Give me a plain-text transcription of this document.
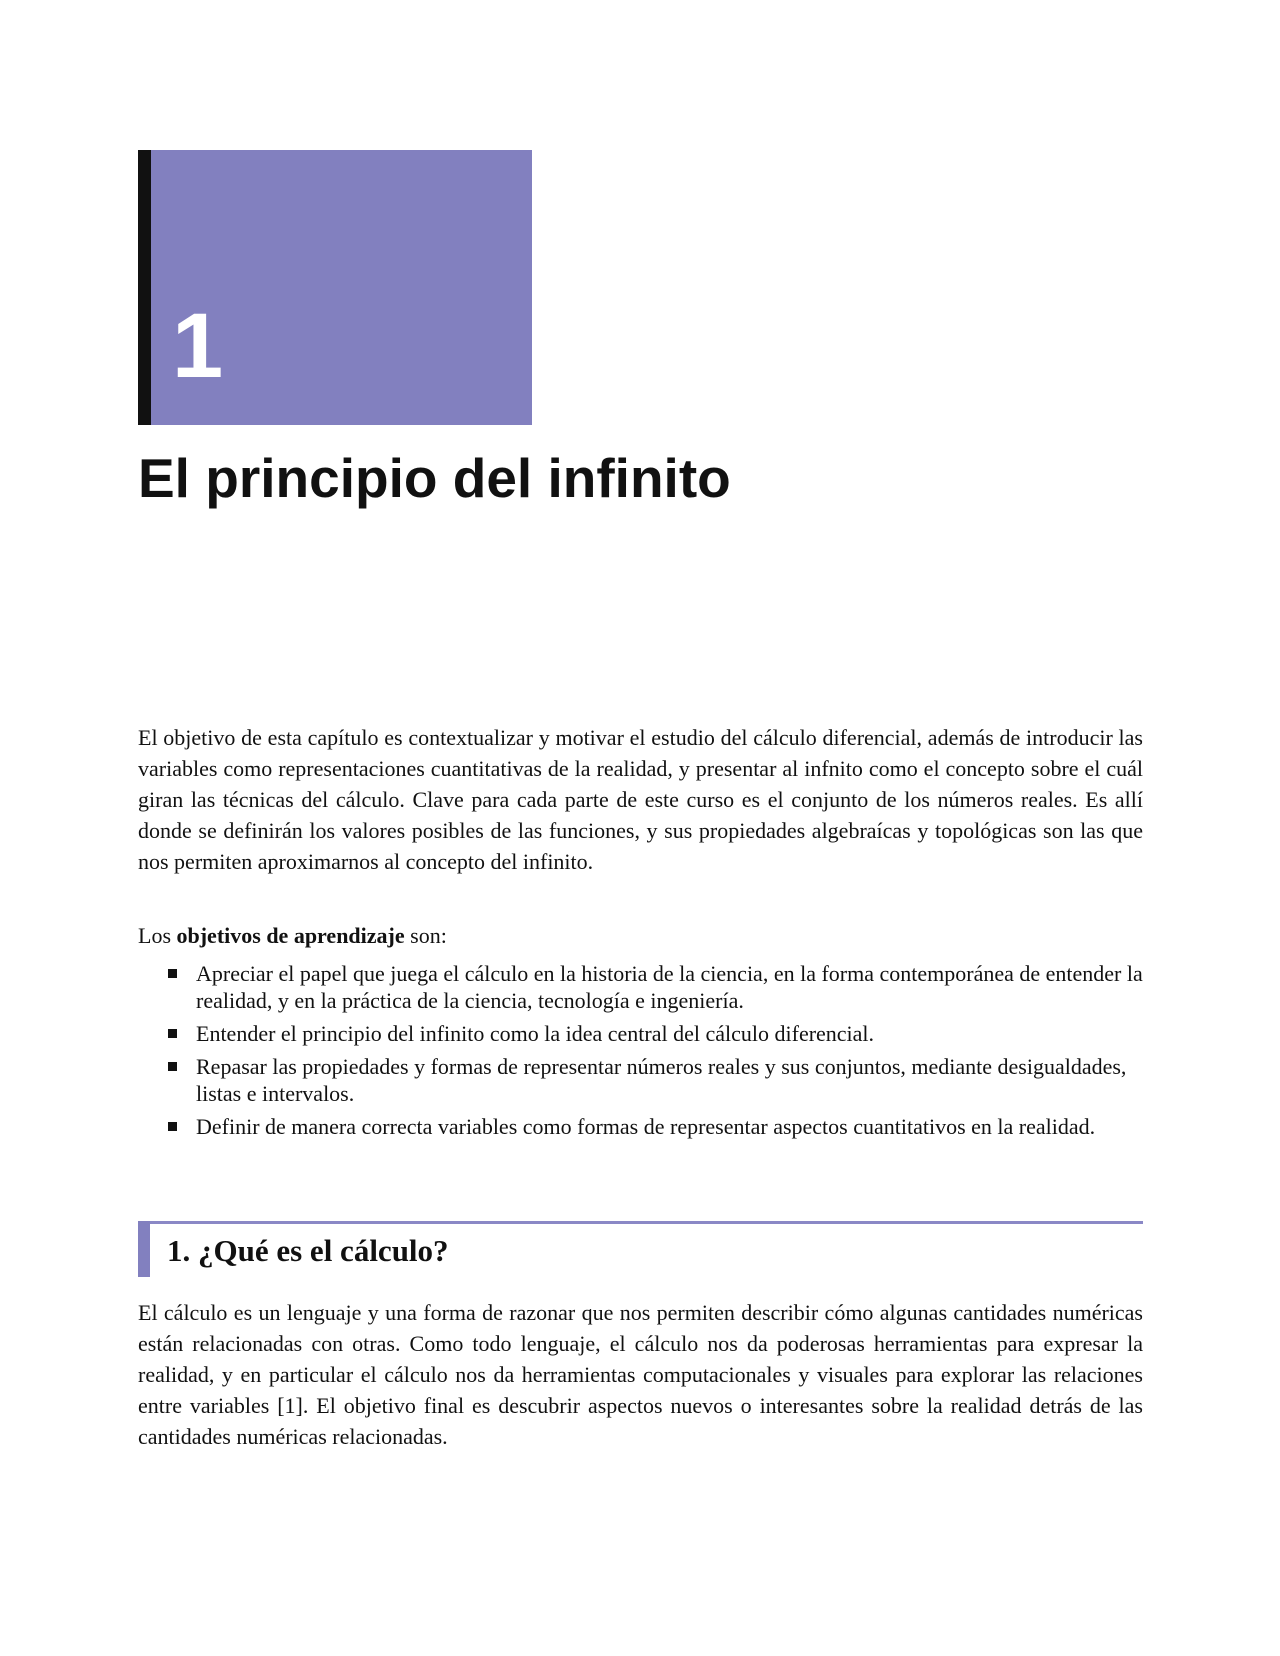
1
El principio del infinito

El objetivo de esta capítulo es contextualizar y motivar el estudio del cálculo diferencial, además de introducir las variables como representaciones cuantitativas de la realidad, y presentar al infnito como el concepto sobre el cuál giran las técnicas del cálculo. Clave para cada parte de este curso es el conjunto de los números reales. Es allí donde se definirán los valores posibles de las funciones, y sus propiedades algebraícas y topológicas son las que nos permiten aproximarnos al concepto del infinito.

Los objetivos de aprendizaje son:

Apreciar el papel que juega el cálculo en la historia de la ciencia, en la forma contemporánea de entender la realidad, y en la práctica de la ciencia, tecnología e ingeniería.
Entender el principio del infinito como la idea central del cálculo diferencial.
Repasar las propiedades y formas de representar números reales y sus conjuntos, mediante desigualdades, listas e intervalos.
Definir de manera correcta variables como formas de representar aspectos cuantitativos en la realidad.
1. ¿Qué es el cálculo?

El cálculo es un lenguaje y una forma de razonar que nos permiten describir cómo algunas cantidades numéricas están relacionadas con otras. Como todo lenguaje, el cálculo nos da poderosas herramientas para expresar la realidad, y en particular el cálculo nos da herramientas computacionales y visuales para explorar las relaciones entre variables [1]. El objetivo final es descubrir aspectos nuevos o interesantes sobre la realidad detrás de las cantidades numéricas relacionadas.
